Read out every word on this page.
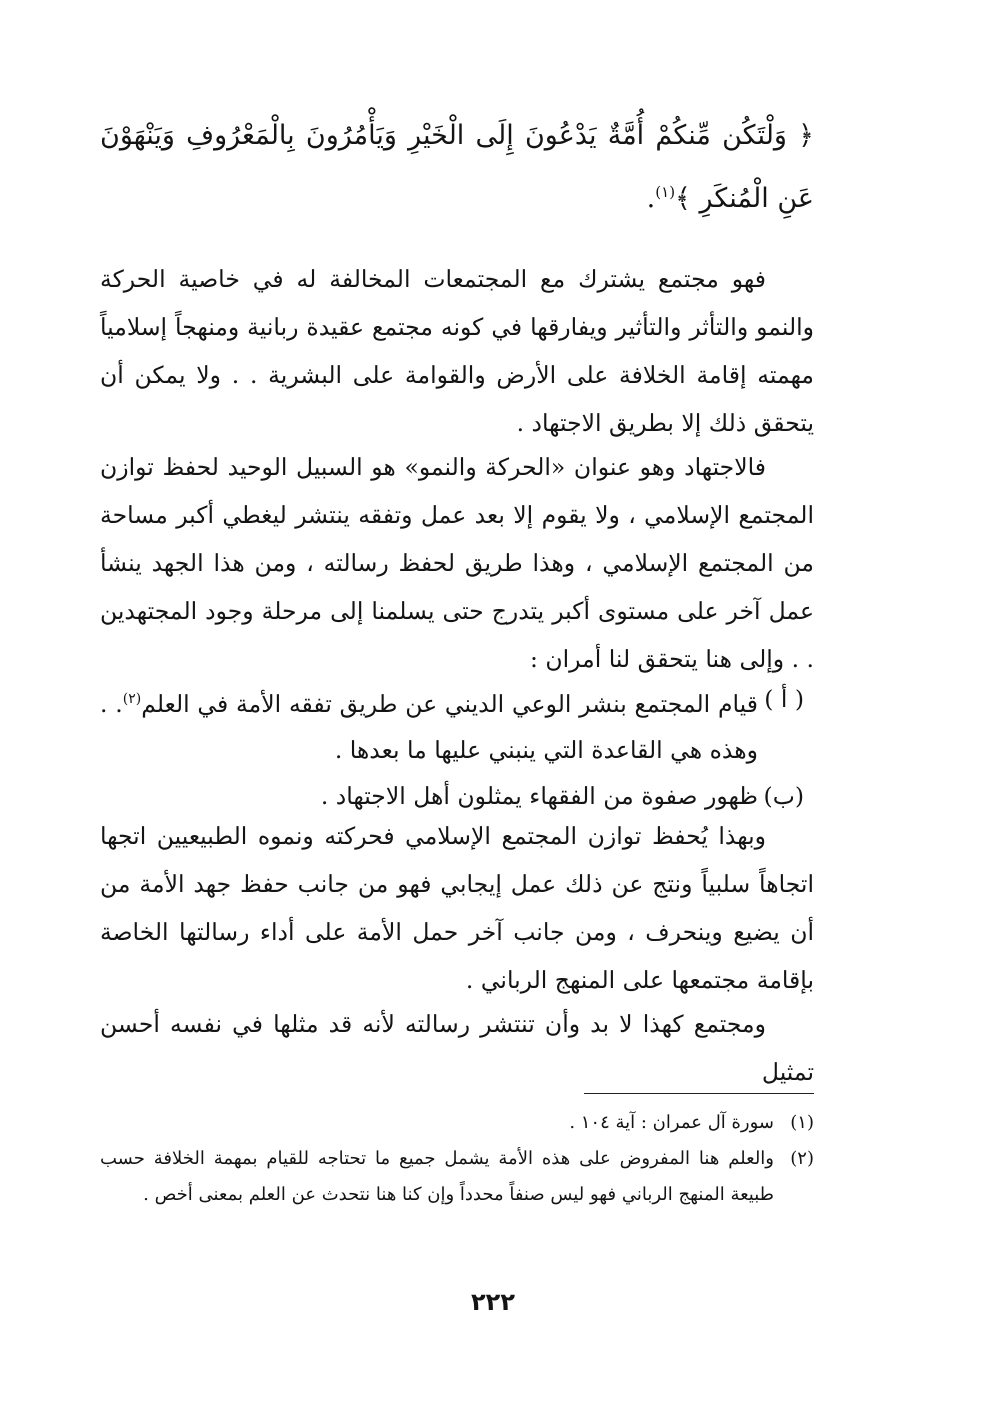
﴿ وَلْتَكُن مِّنكُمْ أُمَّةٌ يَدْعُونَ إِلَى الْخَيْرِ وَيَأْمُرُونَ بِالْمَعْرُوفِ وَيَنْهَوْنَ عَنِ الْمُنكَرِ ﴾$^{(١)}$.
فهو مجتمع يشترك مع المجتمعات المخالفة له في خاصية الحركة والنمو والتأثر والتأثير ويفارقها في كونه مجتمع عقيدة ربانية ومنهجاً إسلامياً مهمته إقامة الخلافة على الأرض والقوامة على البشرية . . ولا يمكن أن يتحقق ذلك إلا بطريق الاجتهاد .
فالاجتهاد وهو عنوان «الحركة والنمو» هو السبيل الوحيد لحفظ توازن المجتمع الإسلامي ، ولا يقوم إلا بعد عمل وتفقه ينتشر ليغطي أكبر مساحة من المجتمع الإسلامي ، وهذا طريق لحفظ رسالته ، ومن هذا الجهد ينشأ عمل آخر على مستوى أكبر يتدرج حتى يسلمنا إلى مرحلة وجود المجتهدين . . وإلى هنا يتحقق لنا أمران :
( أ )
قيام المجتمع بنشر الوعي الديني عن طريق تفقه الأمة في العلم$^{(٢)}$. . وهذه هي القاعدة التي ينبني عليها ما بعدها .
(ب)
ظهور صفوة من الفقهاء يمثلون أهل الاجتهاد .
وبهذا يُحفظ توازن المجتمع الإسلامي فحركته ونموه الطبيعيين اتجها اتجاهاً سلبياً ونتج عن ذلك عمل إيجابي فهو من جانب حفظ جهد الأمة من أن يضيع وينحرف ، ومن جانب آخر حمل الأمة على أداء رسالتها الخاصة بإقامة مجتمعها على المنهج الرباني .
ومجتمع كهذا لا بد وأن تنتشر رسالته لأنه قد مثلها في نفسه أحسن تمثيل
(١)
سورة آل عمران : آية ١٠٤ .
(٢)
والعلم هنا المفروض على هذه الأمة يشمل جميع ما تحتاجه للقيام بمهمة الخلافة حسب طبيعة المنهج الرباني فهو ليس صنفاً محدداً وإن كنا هنا نتحدث عن العلم بمعنى أخص .
٢٢٢
